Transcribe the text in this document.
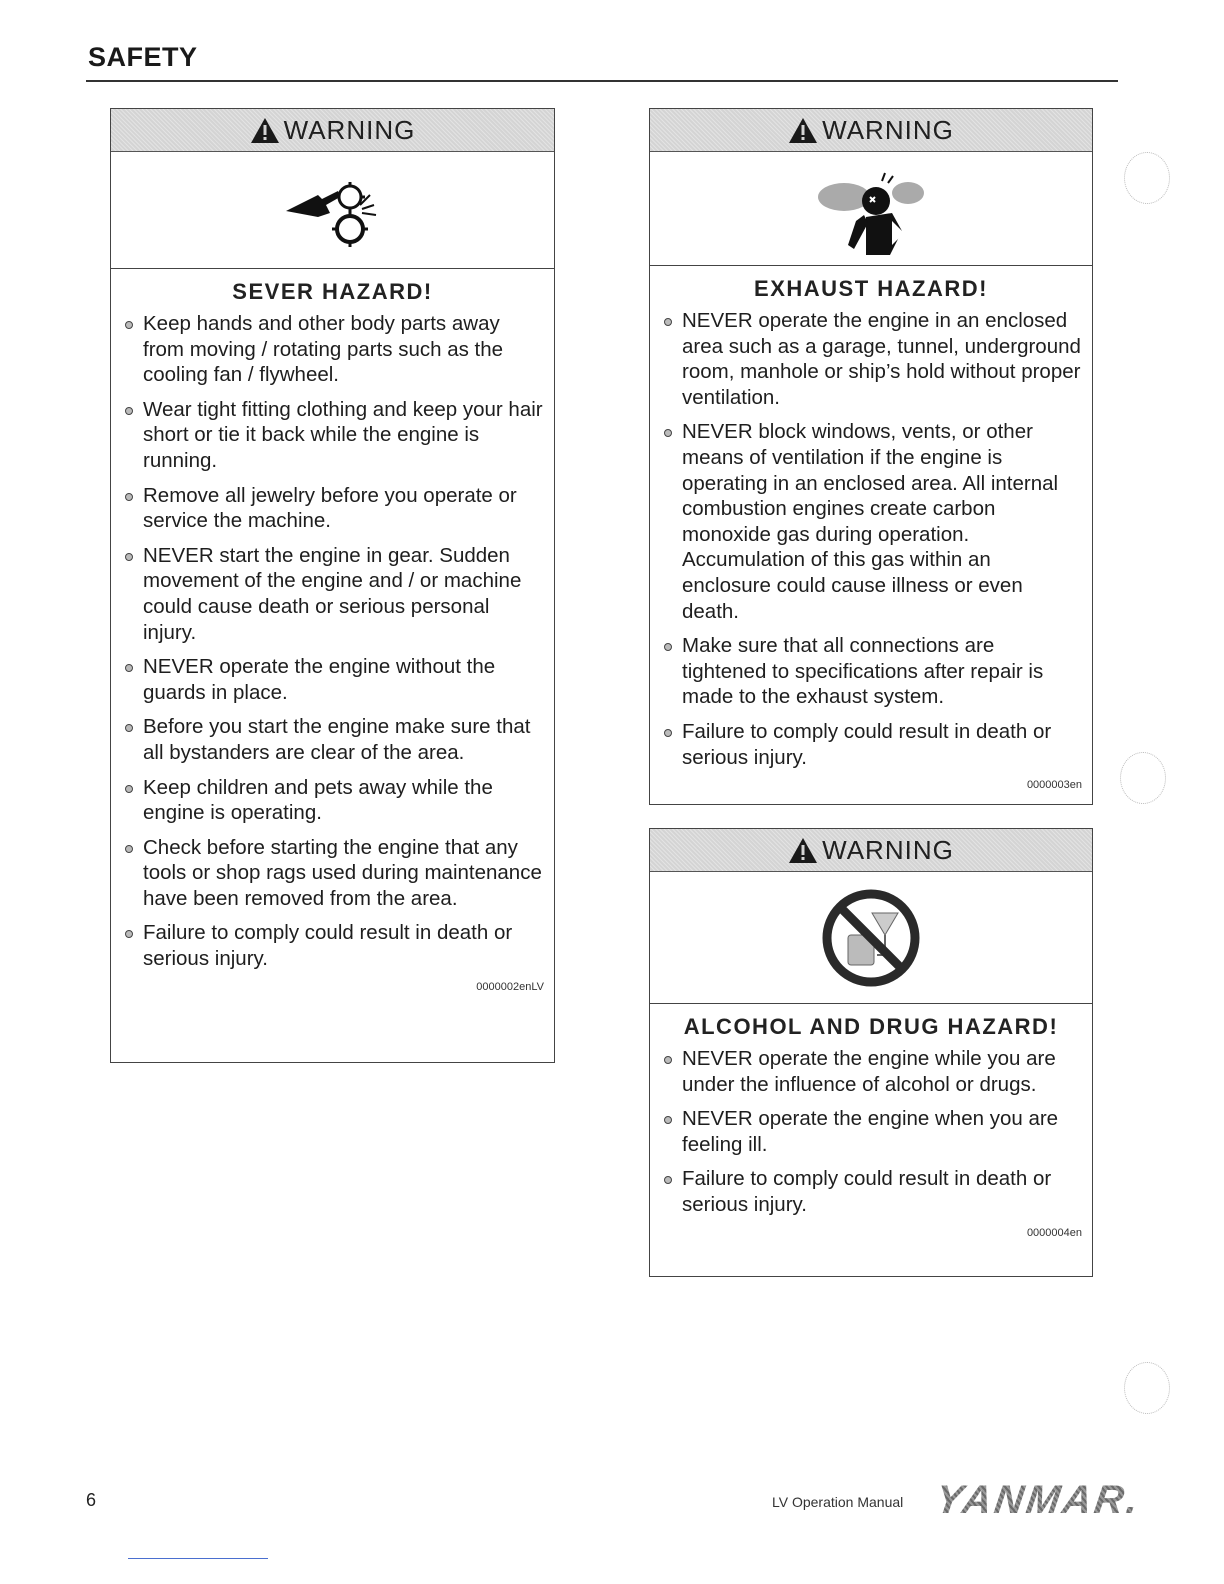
SAFETY
WARNING
SEVER HAZARD!
Keep hands and other body parts away from moving / rotating parts such as the cooling fan / flywheel.
Wear tight fitting clothing and keep your hair short or tie it back while the engine is running.
Remove all jewelry before you operate or service the machine.
NEVER start the engine in gear. Sudden movement of the engine and / or machine could cause death or serious personal injury.
NEVER operate the engine without the guards in place.
Before you start the engine make sure that all bystanders are clear of the area.
Keep children and pets away while the engine is operating.
Check before starting the engine that any tools or shop rags used during maintenance have been removed from the area.
Failure to comply could result in death or serious injury.
0000002enLV
WARNING
EXHAUST HAZARD!
NEVER operate the engine in an enclosed area such as a garage, tunnel, underground room, manhole or ship’s hold without proper ventilation.
NEVER block windows, vents, or other means of ventilation if the engine is operating in an enclosed area. All internal combustion engines create carbon monoxide gas during operation. Accumulation of this gas within an enclosure could cause illness or even death.
Make sure that all connections are tightened to specifications after repair is made to the exhaust system.
Failure to comply could result in death or serious injury.
0000003en
WARNING
ALCOHOL AND DRUG HAZARD!
NEVER operate the engine while you are under the influence of alcohol or drugs.
NEVER operate the engine when you are feeling ill.
Failure to comply could result in death or serious injury.
0000004en
6	LV Operation Manual YANMAR.
